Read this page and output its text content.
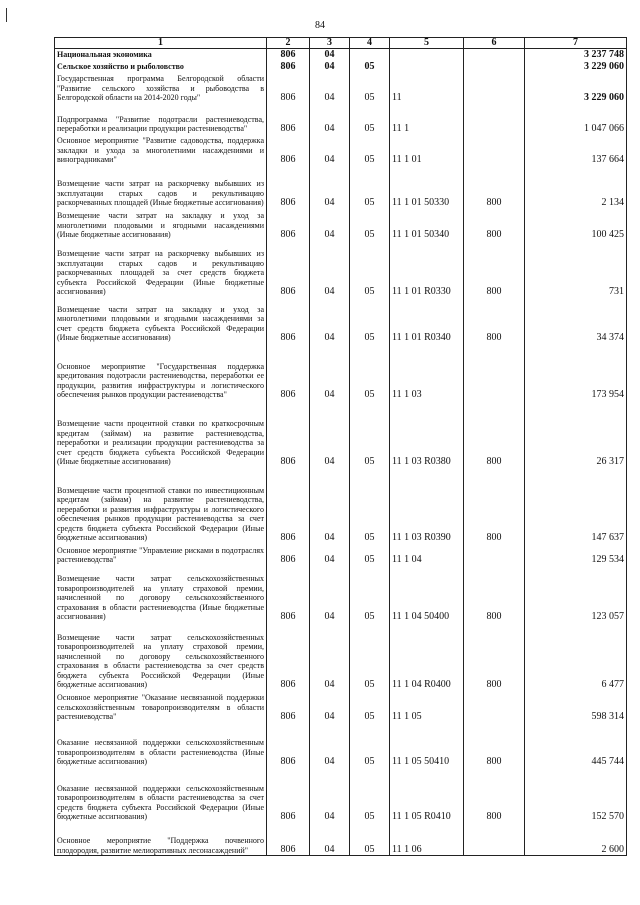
84
1	2	3	4	5	6	7
Национальная экономика	806	04				3 237 748
Сельское хозяйство и рыболовство	806	04	05			3 229 060
Государственная программа Белгородской области "Развитие сельского хозяйства и рыбоводства в Белгородской области на 2014-2020 годы"	806	04	05	11		3 229 060
Подпрограмма "Развитие подотрасли растениеводства, переработки и реализации продукции растениеводства"	806	04	05	11 1		1 047 066
Основное мероприятие "Развитие садоводства, поддержка закладки и ухода за многолетними насаждениями и виноградниками"	806	04	05	11 1 01		137 664
Возмещение части затрат на раскорчевку выбывших из эксплуатации старых садов и рекультивацию раскорчеванных площадей (Иные бюджетные ассигнования)	806	04	05	11 1 01 50330	800	2 134
Возмещение части затрат на закладку и уход за многолетними плодовыми и ягодными насаждениями (Иные бюджетные ассигнования)	806	04	05	11 1 01 50340	800	100 425
Возмещение части затрат на раскорчевку выбывших из эксплуатации старых садов и рекультивацию раскорчеванных площадей за счет средств бюджета субъекта Российской Федерации (Иные бюджетные ассигнования)	806	04	05	11 1 01 R0330	800	731
Возмещение части затрат на закладку и уход за многолетними плодовыми и ягодными насаждениями за счет средств бюджета субъекта Российской Федерации (Иные бюджетные ассигнования)	806	04	05	11 1 01 R0340	800	34 374
Основное мероприятие "Государственная поддержка кредитования подотрасли растениеводства, переработки ее продукции, развития инфраструктуры и логистического обеспечения рынков продукции растениеводства"	806	04	05	11 1 03		173 954
Возмещение части процентной ставки по краткосрочным кредитам (займам) на развитие растениеводства, переработки и реализации продукции растениеводства за счет средств бюджета субъекта Российской Федерации (Иные бюджетные ассигнования)	806	04	05	11 1 03 R0380	800	26 317
Возмещение части процентной ставки по инвестиционным кредитам (займам) на развитие растениеводства, переработки и развития инфраструктуры и логистического обеспечения рынков продукции растениеводства за счет средств бюджета субъекта Российской Федерации (Иные бюджетные ассигнования)	806	04	05	11 1 03 R0390	800	147 637
Основное мероприятие "Управление рисками в подотраслях растениеводства"	806	04	05	11 1 04		129 534
Возмещение части затрат сельскохозяйственных товаропроизводителей на уплату страховой премии, начисленной по договору сельскохозяйственного страхования в области растениеводства (Иные бюджетные ассигнования)	806	04	05	11 1 04 50400	800	123 057
Возмещение части затрат сельскохозяйственных товаропроизводителей на уплату страховой премии, начисленной по договору сельскохозяйственного страхования в области растениеводства за счет средств бюджета субъекта Российской Федерации (Иные бюджетные ассигнования)	806	04	05	11 1 04 R0400	800	6 477
Основное мероприятие "Оказание несвязанной поддержки сельскохозяйственным товаропроизводителям в области растениеводства"	806	04	05	11 1 05		598 314
Оказание несвязанной поддержки сельскохозяйственным товаропроизводителям в области растениеводства (Иные бюджетные ассигнования)	806	04	05	11 1 05 50410	800	445 744
Оказание несвязанной поддержки сельскохозяйственным товаропроизводителям в области растениеводства за счет средств бюджета субъекта Российской Федерации (Иные бюджетные ассигнования)	806	04	05	11 1 05 R0410	800	152 570
Основное мероприятие "Поддержка почвенного плодородия, развитие мелиоративных лесонасаждений"	806	04	05	11 1 06		2 600
